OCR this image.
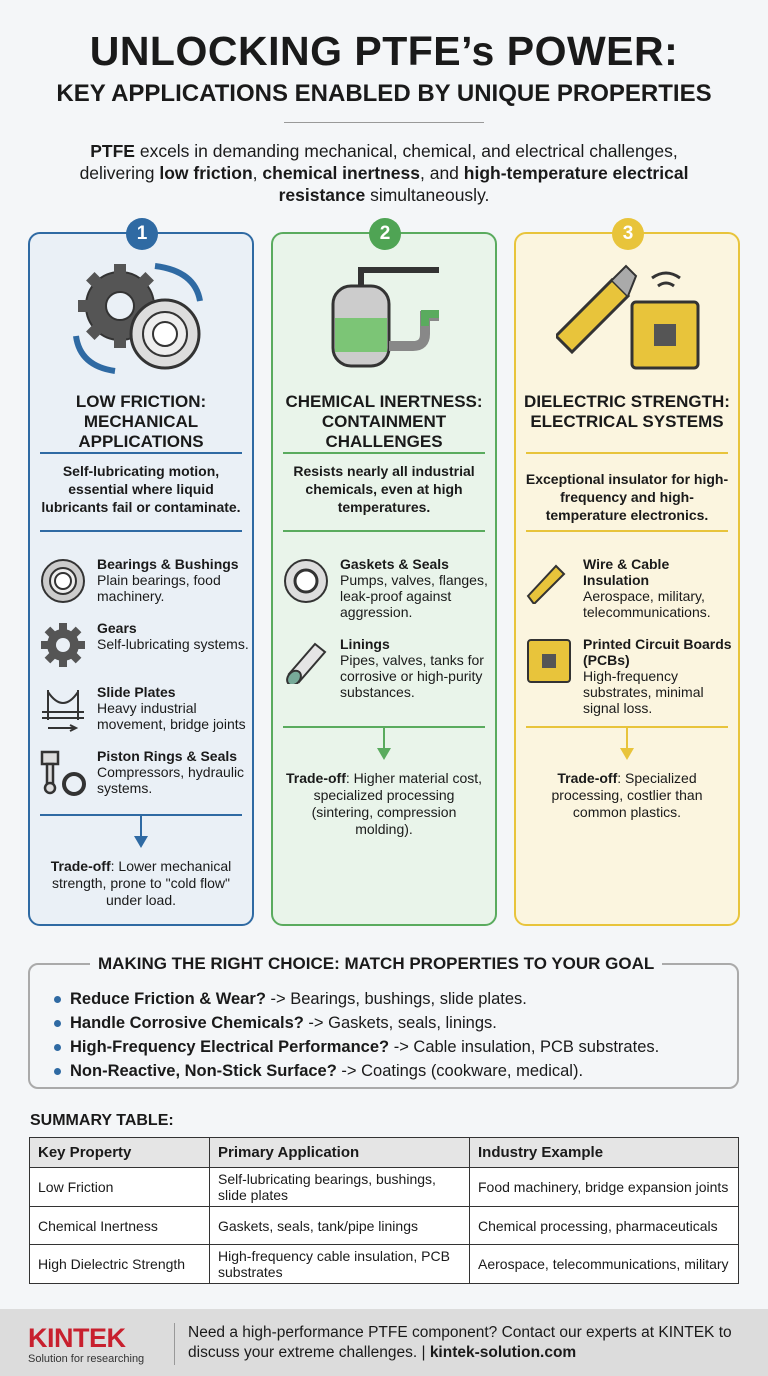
UNLOCKING PTFE’s POWER:
KEY APPLICATIONS ENABLED BY UNIQUE PROPERTIES
PTFE excels in demanding mechanical, chemical, and electrical challenges, delivering low friction, chemical inertness, and high-temperature electrical resistance simultaneously.
1
LOW FRICTION: MECHANICAL APPLICATIONS
Self-lubricating motion, essential where liquid lubricants fail or contaminate.
Bearings & Bushings
Plain bearings, food machinery.
Gears
Self-lubricating systems.
Slide Plates
Heavy industrial movement, bridge joints
Piston Rings & Seals
Compressors, hydraulic systems.
Trade-off: Lower mechanical strength, prone to "cold flow" under load.
2
CHEMICAL INERTNESS: CONTAINMENT CHALLENGES
Resists nearly all industrial chemicals, even at high temperatures.
Gaskets & Seals
Pumps, valves, flanges, leak-proof against aggression.
Linings
Pipes, valves, tanks for corrosive or high-purity substances.
Trade-off: Higher material cost, specialized processing (sintering, compression molding).
3
DIELECTRIC STRENGTH: ELECTRICAL SYSTEMS
Exceptional insulator for high-frequency and high-temperature electronics.
Wire & Cable Insulation
Aerospace, military, telecommunications.
Printed Circuit Boards (PCBs)
High-frequency substrates, minimal signal loss.
Trade-off: Specialized processing, costlier than common plastics.
MAKING THE RIGHT CHOICE: MATCH PROPERTIES TO YOUR GOAL
Reduce Friction & Wear? -> Bearings, bushings, slide plates.
Handle Corrosive Chemicals? -> Gaskets, seals, linings.
High-Frequency Electrical Performance? -> Cable insulation, PCB substrates.
Non-Reactive, Non-Stick Surface? -> Coatings (cookware, medical).
SUMMARY TABLE:
Key Property	Primary Application	Industry Example
Low Friction	Self-lubricating bearings, bushings, slide plates	Food machinery, bridge expansion joints
Chemical Inertness	Gaskets, seals, tank/pipe linings	Chemical processing, pharmaceuticals
High Dielectric Strength	High-frequency cable insulation, PCB substrates	Aerospace, telecommunications, military
KINTEK
Solution for researching
Need a high-performance PTFE component? Contact our experts at KINTEK to discuss your extreme challenges. | kintek-solution.com
